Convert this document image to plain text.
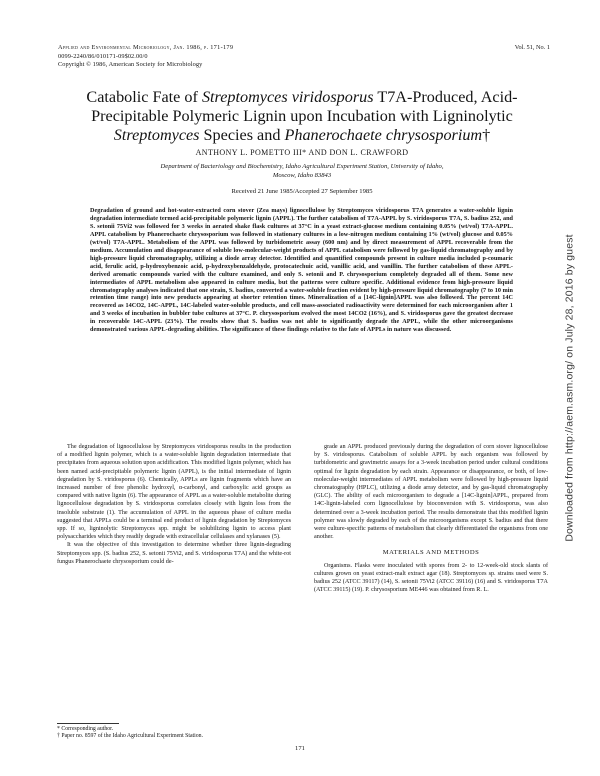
Applied and Environmental Microbiology, Jan. 1986, p. 171-179
0099-2240/86/010171-09$02.00/0
Copyright © 1986, American Society for Microbiology
Vol. 51, No. 1
Catabolic Fate of Streptomyces viridosporus T7A-Produced, Acid-
Precipitable Polymeric Lignin upon Incubation with Ligninolytic
Streptomyces Species and Phanerochaete chrysosporium†
ANTHONY L. POMETTO III* AND DON L. CRAWFORD
Department of Bacteriology and Biochemistry, Idaho Agricultural Experiment Station, University of Idaho,
Moscow, Idaho 83843
Received 21 June 1985/Accepted 27 September 1985
Degradation of ground and hot-water-extracted corn stover (Zea mays) lignocellulose by Streptomyces viridosporus T7A generates a water-soluble lignin degradation intermediate termed acid-precipitable polymeric lignin (APPL). The further catabolism of T7A-APPL by S. viridosporus T7A, S. badius 252, and S. setonii 75Vi2 was followed for 3 weeks in aerated shake flask cultures at 37°C in a yeast extract-glucose medium containing 0.05% (wt/vol) T7A-APPL. APPL catabolism by Phanerochaete chrysosporium was followed in stationary cultures in a low-nitrogen medium containing 1% (wt/vol) glucose and 0.05% (wt/vol) T7A-APPL. Metabolism of the APPL was followed by turbidometric assay (600 nm) and by direct measurement of APPL recoverable from the medium. Accumulation and disappearance of soluble low-molecular-weight products of APPL catabolism were followed by gas-liquid chromatography and by high-pressure liquid chromatography, utilizing a diode array detector. Identified and quantified compounds present in culture media included p-coumaric acid, ferulic acid, p-hydroxybenzoic acid, p-hydroxybenzaldehyde, protocatechuic acid, vanillic acid, and vanillin. The further catabolism of these APPL-derived aromatic compounds varied with the culture examined, and only S. setonii and P. chrysosporium completely degraded all of them. Some new intermediates of APPL metabolism also appeared in culture media, but the patterns were culture specific. Additional evidence from high-pressure liquid chromatography analyses indicated that one strain, S. badius, converted a water-soluble fraction evident by high-pressure liquid chromatography (7 to 10 min retention time range) into new products appearing at shorter retention times. Mineralization of a [14C-lignin]APPL was also followed. The percent 14C recovered as 14CO2, 14C-APPL, 14C-labeled water-soluble products, and cell mass-associated radioactivity were determined for each microorganism after 1 and 3 weeks of incubation in bubbler tube cultures at 37°C. P. chrysosporium evolved the most 14CO2 (16%), and S. viridosporus gave the greatest decrease in recoverable 14C-APPL (23%). The results show that S. badius was not able to significantly degrade the APPL, while the other microorganisms demonstrated various APPL-degrading abilities. The significance of these findings relative to the fate of APPLs in nature was discussed.

The degradation of lignocellulose by Streptomyces viridosporus results in the production of a modified lignin polymer, which is a water-soluble lignin degradation intermediate that precipitates from aqueous solution upon acidification. This modified lignin polymer, which has been named acid-precipitable polymeric lignin (APPL), is the initial intermediate of lignin degradation by S. viridosporus (6). Chemically, APPLs are lignin fragments which have an increased number of free phenolic hydroxyl, α-carbonyl, and carboxylic acid groups as compared with native lignin (6). The appearance of APPL as a water-soluble metabolite during lignocellulose degradation by S. viridosporus correlates closely with lignin loss from the insoluble substrate (1). The accumulation of APPL in the aqueous phase of culture media suggested that APPLs could be a terminal end product of lignin degradation by Streptomyces spp. If so, ligninolytic Streptomyces spp. might be solubilizing lignin to access plant polysaccharides which they readily degrade with extracellular cellulases and xylanases (5).

It was the objective of this investigation to determine whether three lignin-degrading Streptomyces spp. (S. badius 252, S. setonii 75Vi2, and S. viridosporus T7A) and the white-rot fungus Phanerochaete chrysosporium could de-

grade an APPL produced previously during the degradation of corn stover lignocellulose by S. viridosporus. Catabolism of soluble APPL by each organism was followed by turbidometric and gravimetric assays for a 3-week incubation period under cultural conditions optimal for lignin degradation by each strain. Appearance or disappearance, or both, of low-molecular-weight intermediates of APPL metabolism were followed by high-pressure liquid chromatography (HPLC), utilizing a diode array detector, and by gas-liquid chromatography (GLC). The ability of each microorganism to degrade a [14C-lignin]APPL, prepared from 14C-lignin-labeled corn lignocellulose by bioconversion with S. viridosporus, was also determined over a 3-week incubation period. The results demonstrate that this modified lignin polymer was slowly degraded by each of the microorganisms except S. badius and that there were culture-specific patterns of metabolism that clearly differentiated the organisms from one another.

MATERIALS AND METHODS

Organisms. Flasks were inoculated with spores from 2- to 12-week-old stock slants of cultures grown on yeast extract-malt extract agar (18). Streptomyces sp. strains used were S. badius 252 (ATCC 39117) (14), S. setonii 75Vi2 (ATCC 39116) (16) and S. viridosporus T7A (ATCC 39115) (19). P. chrysosporium ME446 was obtained from R. L.

* Corresponding author.
† Paper no. 8597 of the Idaho Agricultural Experiment Station.
171
Downloaded from http://aem.asm.org/ on July 28, 2016 by guest
